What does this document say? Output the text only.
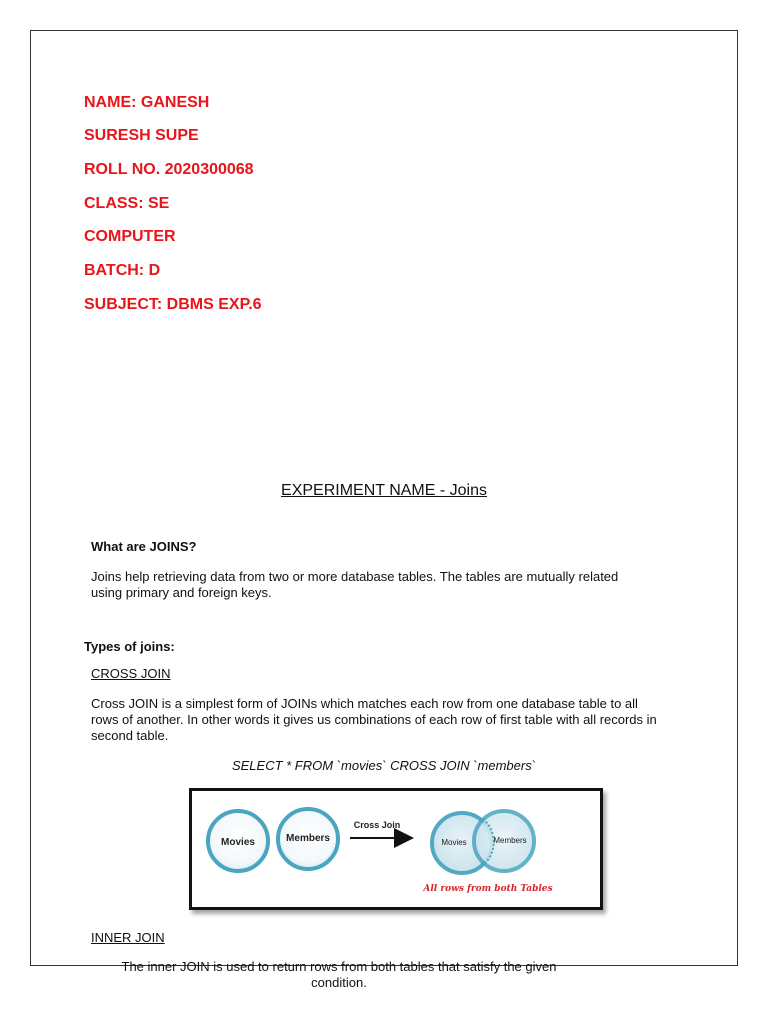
NAME: GANESH
SURESH SUPE
ROLL NO. 2020300068
CLASS: SE
COMPUTER
BATCH: D
SUBJECT: DBMS EXP.6
EXPERIMENT NAME - Joins
What are JOINS?
Joins help retrieving data from two or more database tables. The tables are mutually related using primary and foreign keys.
Types of joins:
CROSS JOIN
Cross JOIN is a simplest form of JOINs which matches each row from one database table to all rows of another. In other words it gives us combinations of each row of first table with all records in second table.
SELECT * FROM `movies` CROSS JOIN `members`
Movies	Members
Cross Join
Movies	Members
All rows from both Tables
INNER JOIN
The inner JOIN is used to return rows from both tables that satisfy the given condition.
